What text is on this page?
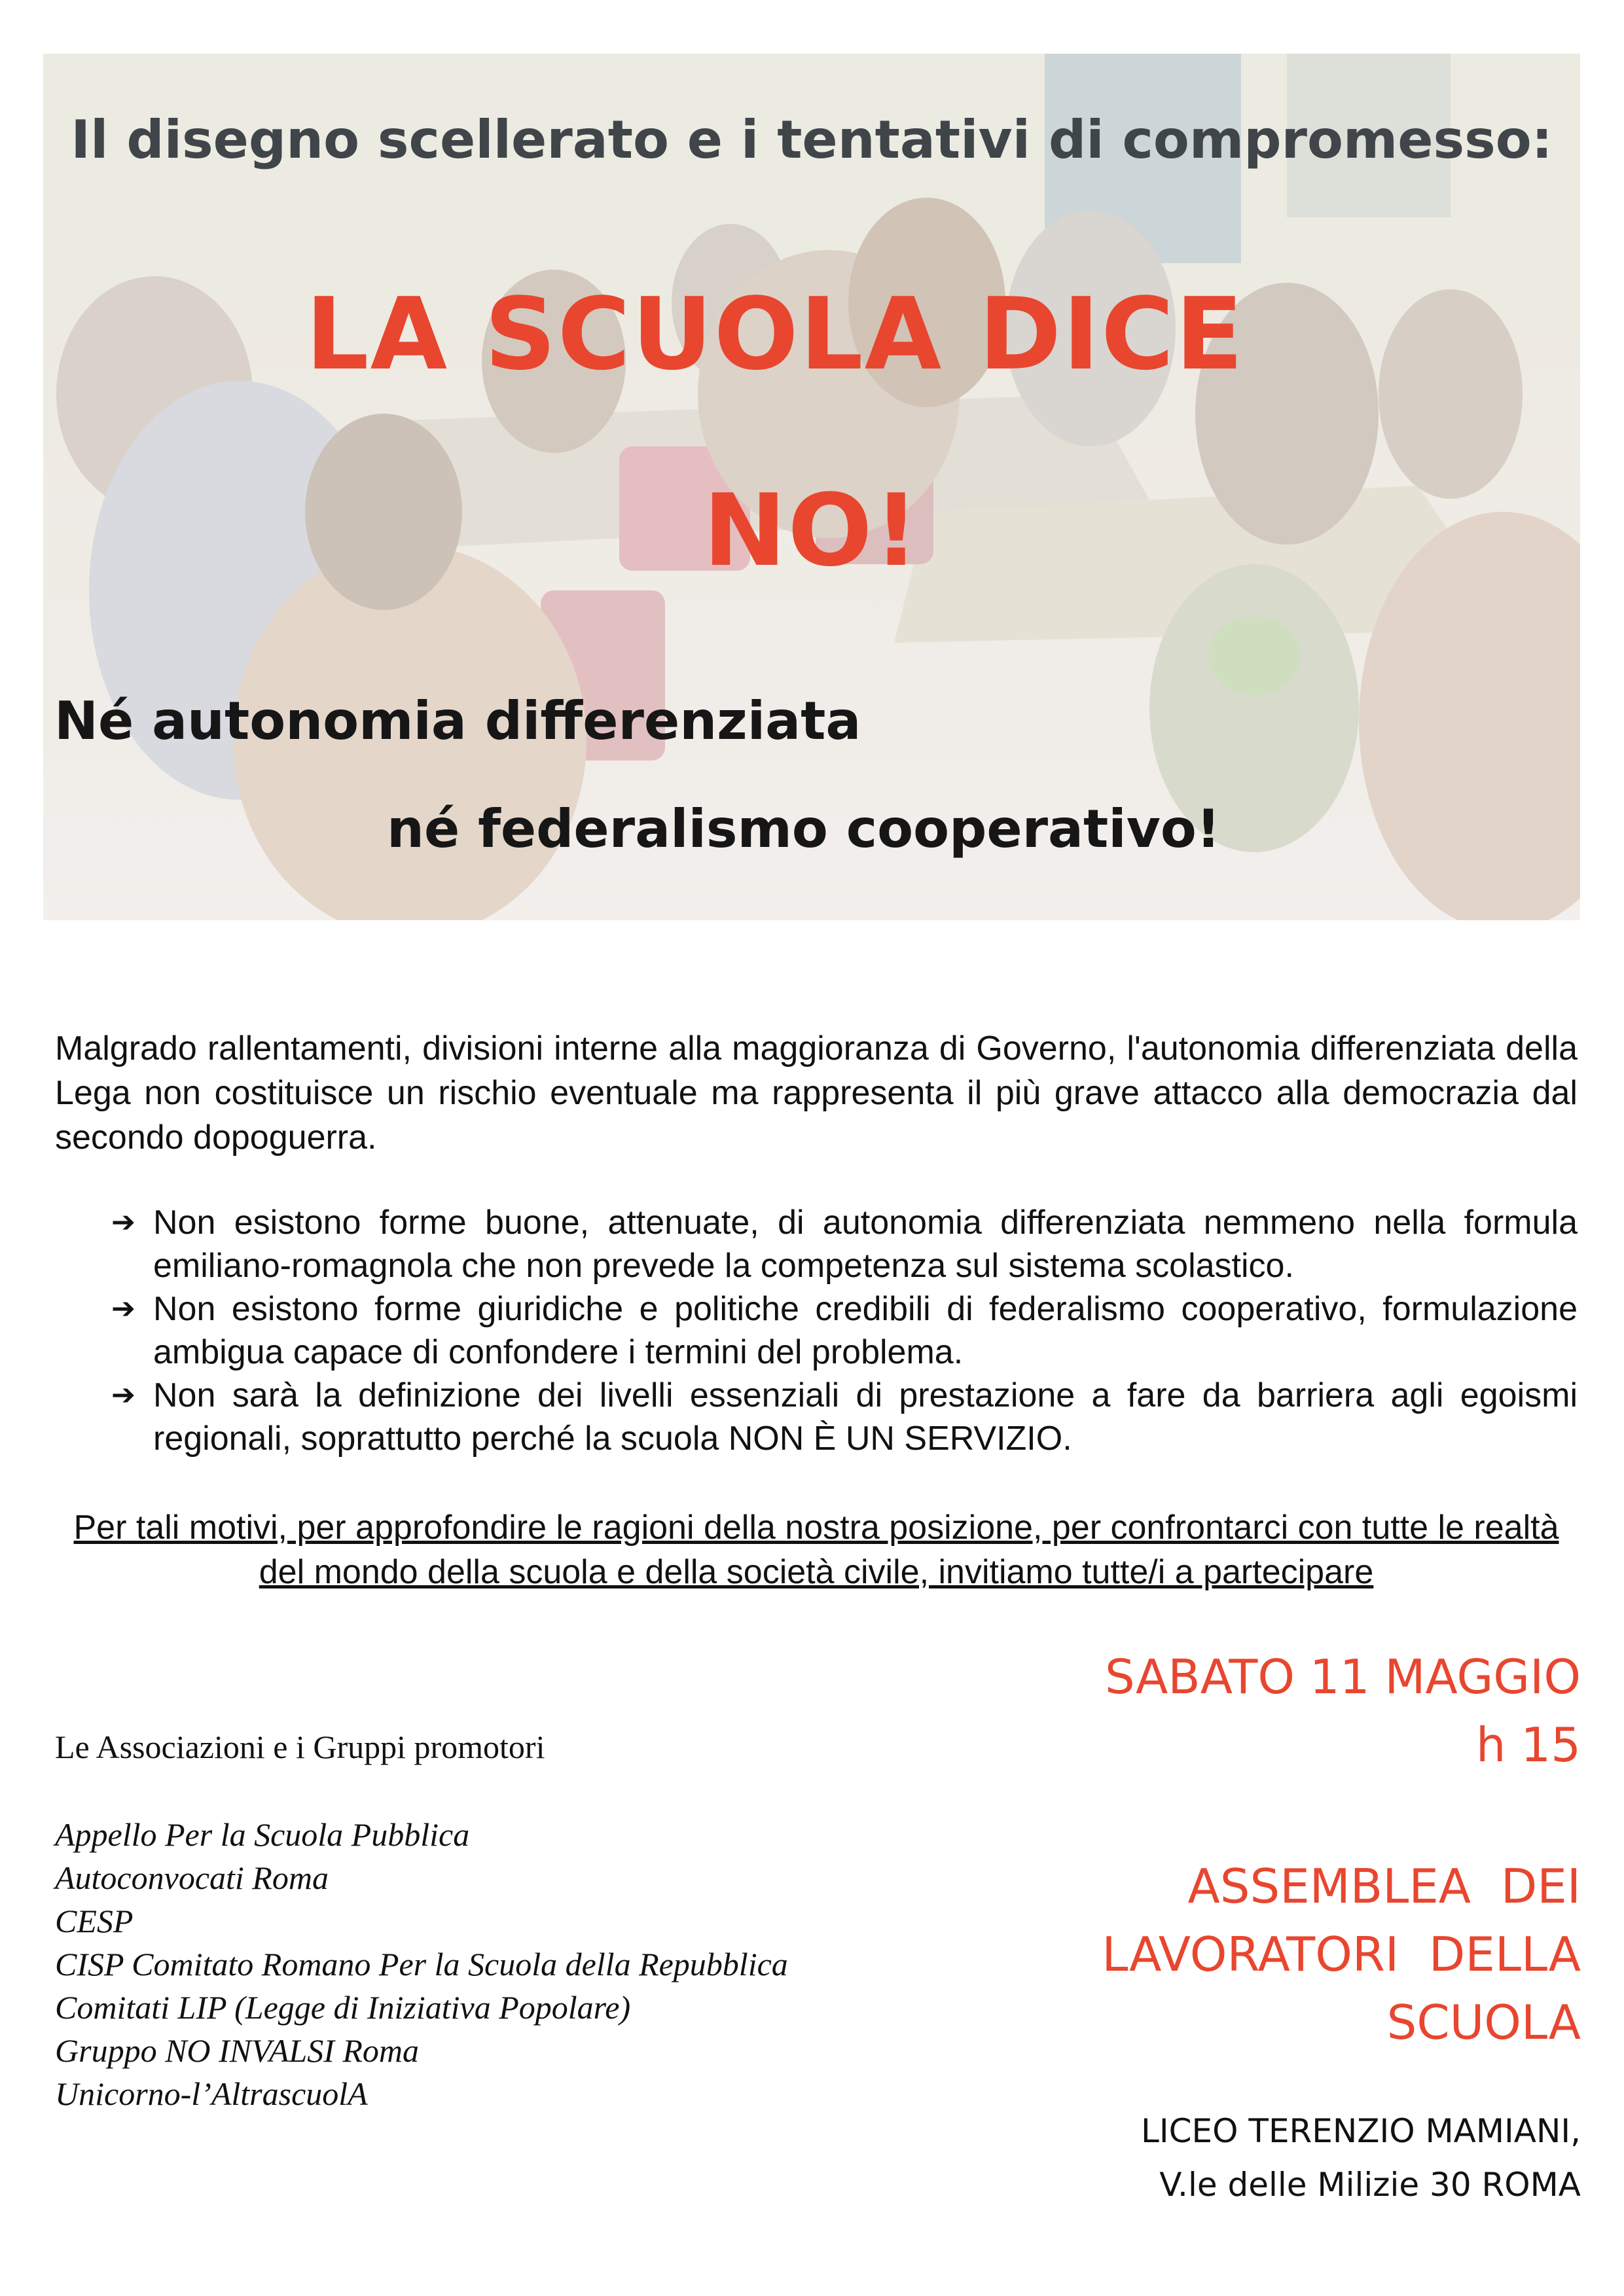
Il disegno scellerato e i tentativi di compromesso:
LA SCUOLA DICE
NO!
Né autonomia differenziata
né federalismo cooperativo!

Malgrado rallentamenti, divisioni interne alla maggioranza di Governo, l'autonomia differenziata della Lega non costituisce un rischio eventuale ma rappresenta il più grave attacco alla democrazia dal secondo dopoguerra.

➔ Non esistono forme buone, attenuate, di autonomia differenziata nemmeno nella formula emiliano-romagnola che non prevede la competenza sul sistema scolastico.
➔ Non esistono forme giuridiche e politiche credibili di federalismo cooperativo, formulazione ambigua capace di confondere i termini del problema.
➔ Non sarà la definizione dei livelli essenziali di prestazione a fare da barriera agli egoismi regionali, soprattutto perché la scuola NON È UN SERVIZIO.

Per tali motivi, per approfondire le ragioni della nostra posizione, per confrontarci con tutte le realtà del mondo della scuola e della società civile, invitiamo tutte/i a partecipare

Le Associazioni e i Gruppi promotori
Appello Per la Scuola Pubblica
Autoconvocati Roma
CESP
CISP Comitato Romano Per la Scuola della Repubblica
Comitati LIP (Legge di Iniziativa Popolare)
Gruppo NO INVALSI Roma
Unicorno-l’AltrascuolA
SABATO 11 MAGGIO
h 15
ASSEMBLEA  DEI
LAVORATORI  DELLA
SCUOLA
LICEO TERENZIO MAMIANI,
V.le delle Milizie 30 ROMA
